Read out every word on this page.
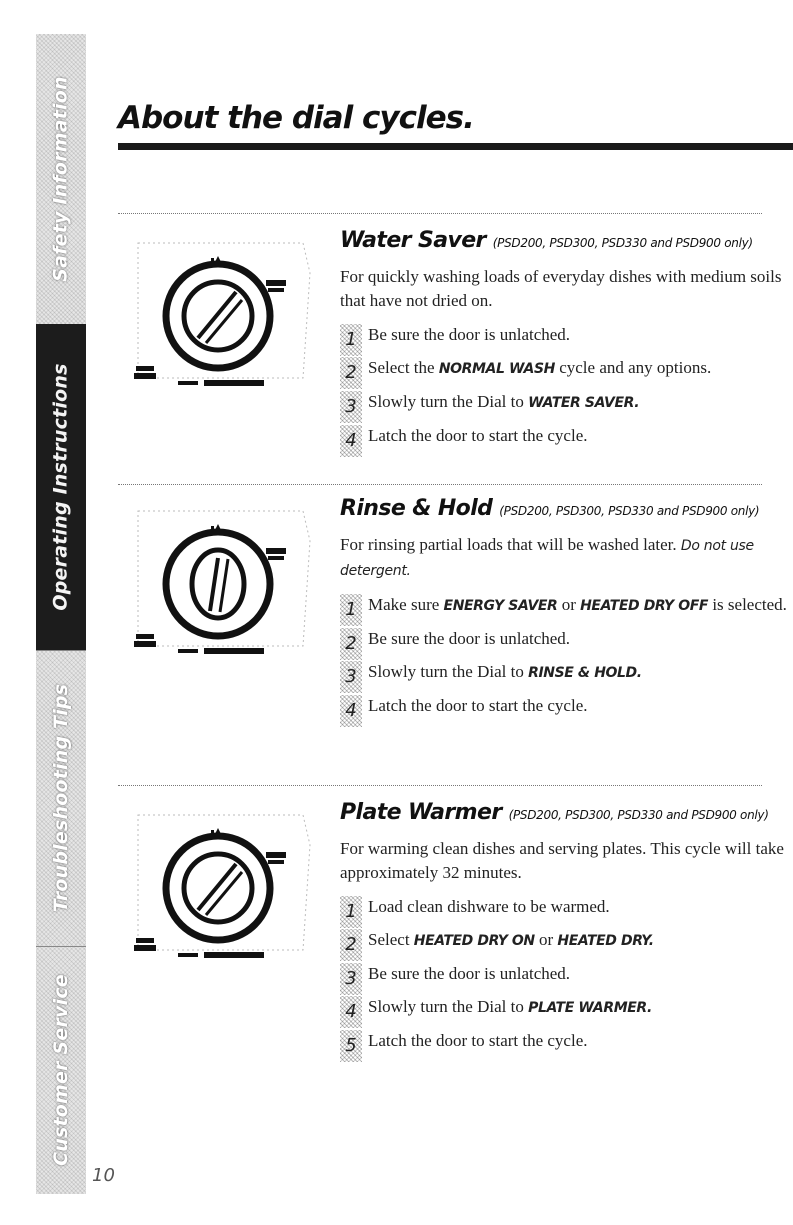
Safety Information
Operating Instructions
Troubleshooting Tips
Customer Service
10
About the dial cycles.

Water Saver (PSD200, PSD300, PSD330 and PSD900 only)

For quickly washing loads of everyday dishes with medium soils that have not dried on.

1 Be sure the door is unlatched.
2 Select the NORMAL WASH cycle and any options.
3 Slowly turn the Dial to WATER SAVER.
4 Latch the door to start the cycle.

Rinse & Hold (PSD200, PSD300, PSD330 and PSD900 only)

For rinsing partial loads that will be washed later. Do not use detergent.

1 Make sure ENERGY SAVER or HEATED DRY OFF is selected.
2 Be sure the door is unlatched.
3 Slowly turn the Dial to RINSE & HOLD.
4 Latch the door to start the cycle.

Plate Warmer (PSD200, PSD300, PSD330 and PSD900 only)

For warming clean dishes and serving plates. This cycle will take approximately 32 minutes.

1 Load clean dishware to be warmed.
2 Select HEATED DRY ON or HEATED DRY.
3 Be sure the door is unlatched.
4 Slowly turn the Dial to PLATE WARMER.
5 Latch the door to start the cycle.
